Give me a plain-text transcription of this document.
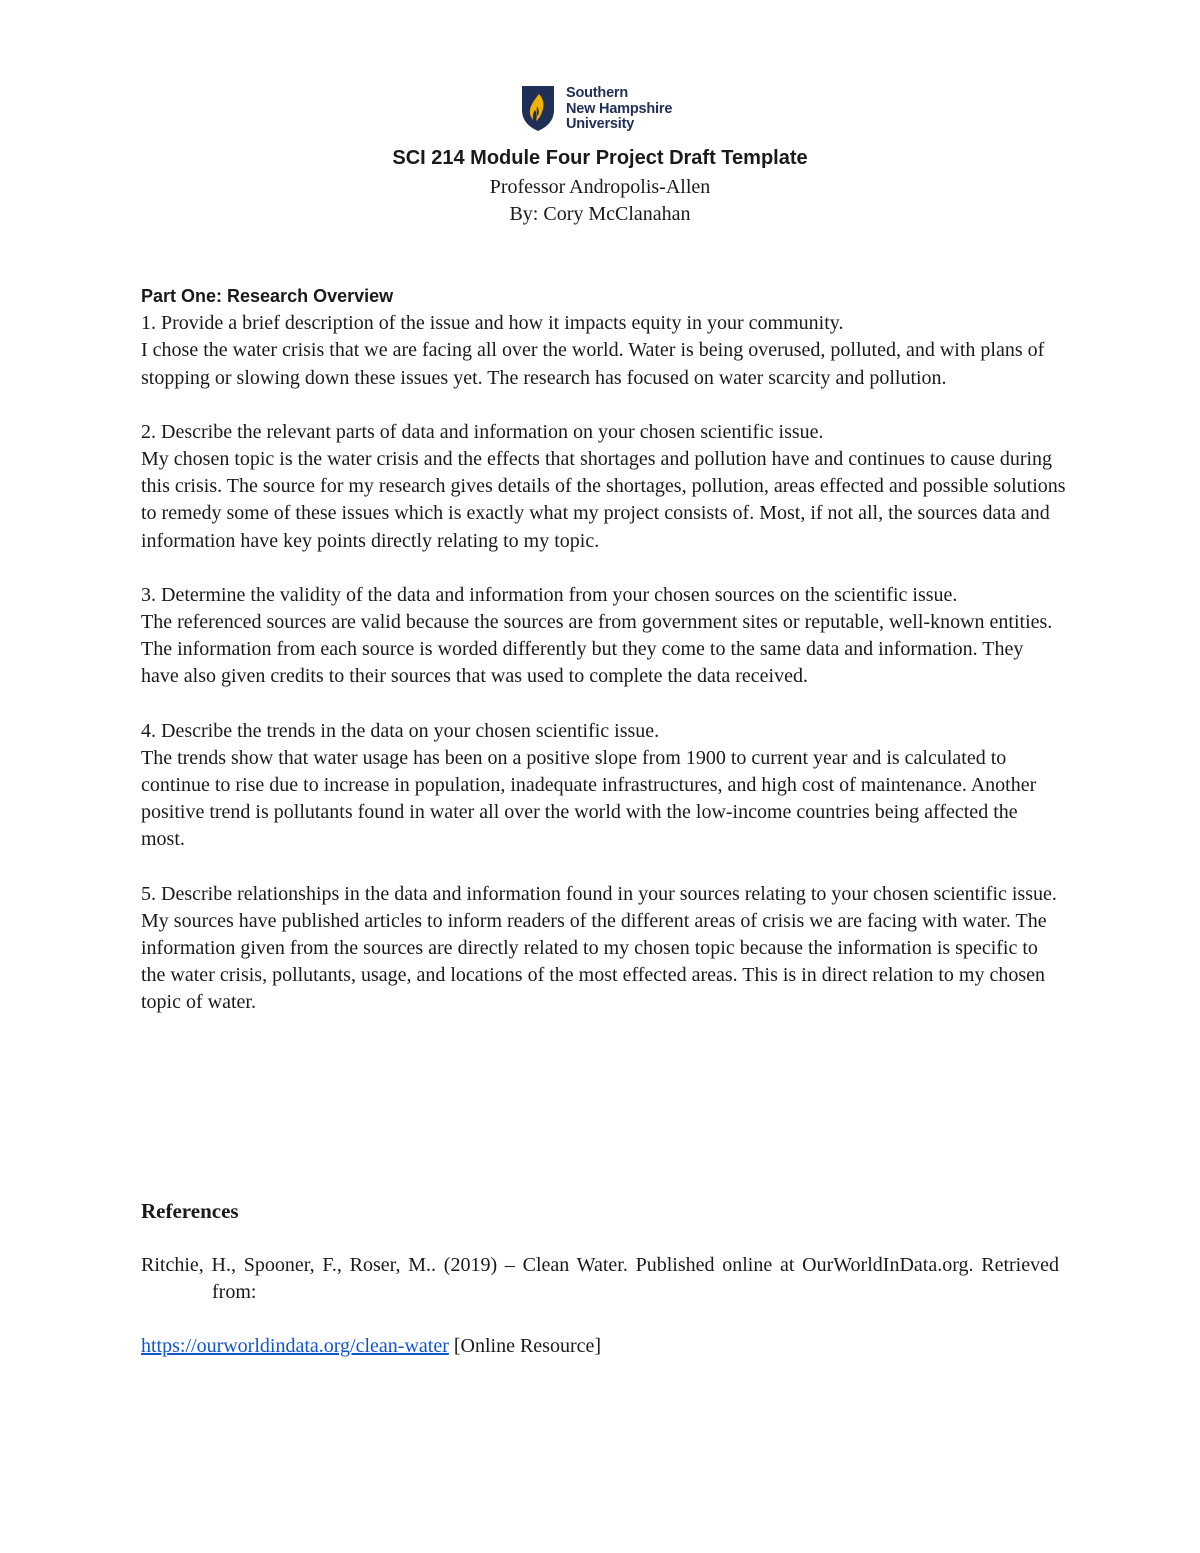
Southern
New Hampshire
University
SCI 214 Module Four Project Draft Template
Professor Andropolis-Allen
By: Cory McClanahan

Part One: Research Overview

1. Provide a brief description of the issue and how it impacts equity in your community.

I chose the water crisis that we are facing all over the world. Water is being overused, polluted, and with plans of stopping or slowing down these issues yet. The research has focused on water scarcity and pollution.

2. Describe the relevant parts of data and information on your chosen scientific issue.

My chosen topic is the water crisis and the effects that shortages and pollution have and continues to cause during this crisis. The source for my research gives details of the shortages, pollution, areas effected and possible solutions to remedy some of these issues which is exactly what my project consists of. Most, if not all, the sources data and information have key points directly relating to my topic.

3. Determine the validity of the data and information from your chosen sources on the scientific issue.

The referenced sources are valid because the sources are from government sites or reputable, well-known entities. The information from each source is worded differently but they come to the same data and information. They have also given credits to their sources that was used to complete the data received.

4. Describe the trends in the data on your chosen scientific issue.

The trends show that water usage has been on a positive slope from 1900 to current year and is calculated to continue to rise due to increase in population, inadequate infrastructures, and high cost of maintenance. Another positive trend is pollutants found in water all over the world with the low-income countries being affected the most.

5. Describe relationships in the data and information found in your sources relating to your chosen scientific issue.

My sources have published articles to inform readers of the different areas of crisis we are facing with water. The information given from the sources are directly related to my chosen topic because the information is specific to the water crisis, pollutants, usage, and locations of the most effected areas. This is in direct relation to my chosen topic of water.

References

Ritchie, H., Spooner, F., Roser, M.. (2019) – Clean Water. Published online at OurWorldInData.org. Retrieved from:

https://ourworldindata.org/clean-water [Online Resource]
